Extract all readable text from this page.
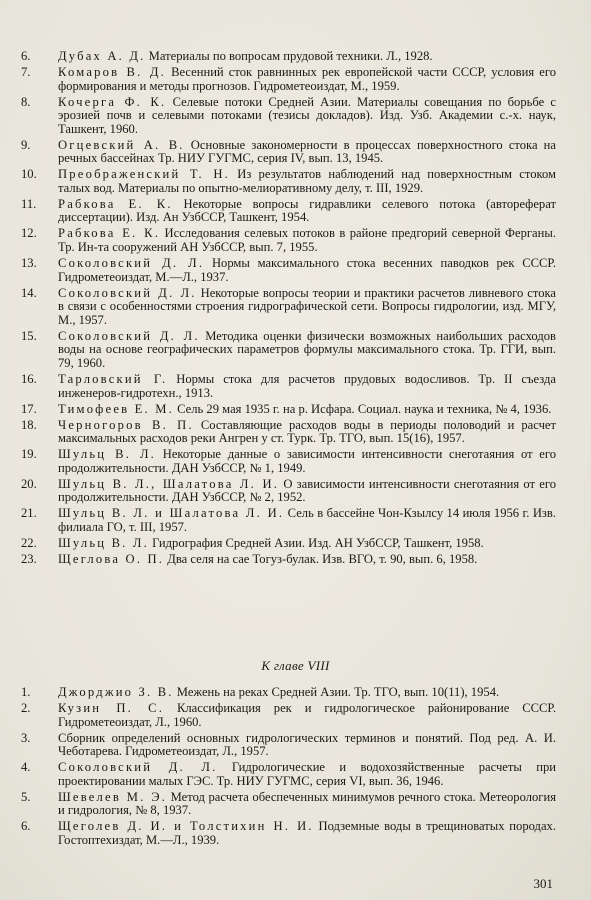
6.	Дубах А. Д. Материалы по вопросам прудовой техники. Л., 1928.
7.	Комаров В. Д. Весенний сток равнинных рек европейской части СССР, условия его формирования и методы прогнозов. Гидрометеоиздат, М., 1959.
8.	Кочерга Ф. К. Селевые потоки Средней Азии. Материалы совещания по борьбе с эрозией почв и селевыми потоками (тезисы докладов). Изд. Узб. Академии с.-х. наук, Ташкент, 1960.
9.	Огцевский А. В. Основные закономерности в процессах поверхностного стока на речных бассейнах Тр. НИУ ГУГМС, серия IV, вып. 13, 1945.
10.	Преображенский Т. Н. Из результатов наблюдений над поверхностным стоком талых вод. Материалы по опытно-мелиоративному делу, т. III, 1929.
11.	Рабкова Е. К. Некоторые вопросы гидравлики селевого потока (автореферат диссертации). Изд. Ан УзбССР, Ташкент, 1954.
12.	Рабкова Е. К. Исследования селевых потоков в районе предгорий северной Ферганы. Тр. Ин-та сооружений АН УзбССР, вып. 7, 1955.
13.	Соколовский Д. Л. Нормы максимального стока весенних паводков рек СССР. Гидрометеоиздат, М.—Л., 1937.
14.	Соколовский Д. Л. Некоторые вопросы теории и практики расчетов ливневого стока в связи с особенностями строения гидрографической сети. Вопросы гидрологии, изд. МГУ, М., 1957.
15.	Соколовский Д. Л. Методика оценки физически возможных наибольших расходов воды на основе географических параметров формулы максимального стока. Тр. ГГИ, вып. 79, 1960.
16.	Тарловский Г. Нормы стока для расчетов прудовых водосливов. Тр. II съезда инженеров-гидротехн., 1913.
17.	Тимофеев Е. М. Сель 29 мая 1935 г. на р. Исфара. Социал. наука и техника, № 4, 1936.
18.	Черногоров В. П. Составляющие расходов воды в периоды половодий и расчет максимальных расходов реки Ангрен у ст. Турк. Тр. ТГО, вып. 15(16), 1957.
19.	Шульц В. Л. Некоторые данные о зависимости интенсивности снеготаяния от его продолжительности. ДАН УзбССР, № 1, 1949.
20.	Шульц В. Л., Шалатова Л. И. О зависимости интенсивности снеготаяния от его продолжительности. ДАН УзбССР, № 2, 1952.
21.	Шульц В. Л. и Шалатова Л. И. Сель в бассейне Чон-Кзылсу 14 июля 1956 г. Изв. филиала ГО, т. III, 1957.
22.	Шульц В. Л. Гидрография Средней Азии. Изд. АН УзбССР, Ташкент, 1958.
23.	Щеглова О. П. Два селя на сае Тогуз-булак. Изв. ВГО, т. 90, вып. 6, 1958.
К главе VIII
1.	Джорджио З. В. Межень на реках Средней Азии. Тр. ТГО, вып. 10(11), 1954.
2.	Кузин П. С. Классификация рек и гидрологическое районирование СССР. Гидрометеоиздат, Л., 1960.
3.	Сборник определений основных гидрологических терминов и понятий. Под ред. А. И. Чеботарева. Гидрометеоиздат, Л., 1957.
4.	Соколовский Д. Л. Гидрологические и водохозяйственные расчеты при проектировании малых ГЭС. Тр. НИУ ГУГМС, серия VI, вып. 36, 1946.
5.	Шевелев М. Э. Метод расчета обеспеченных минимумов речного стока. Метеорология и гидрология, № 8, 1937.
6.	Щеголев Д. И. и Толстихин Н. И. Подземные воды в трещиноватых породах. Гостоптехиздат, М.—Л., 1939.
301
